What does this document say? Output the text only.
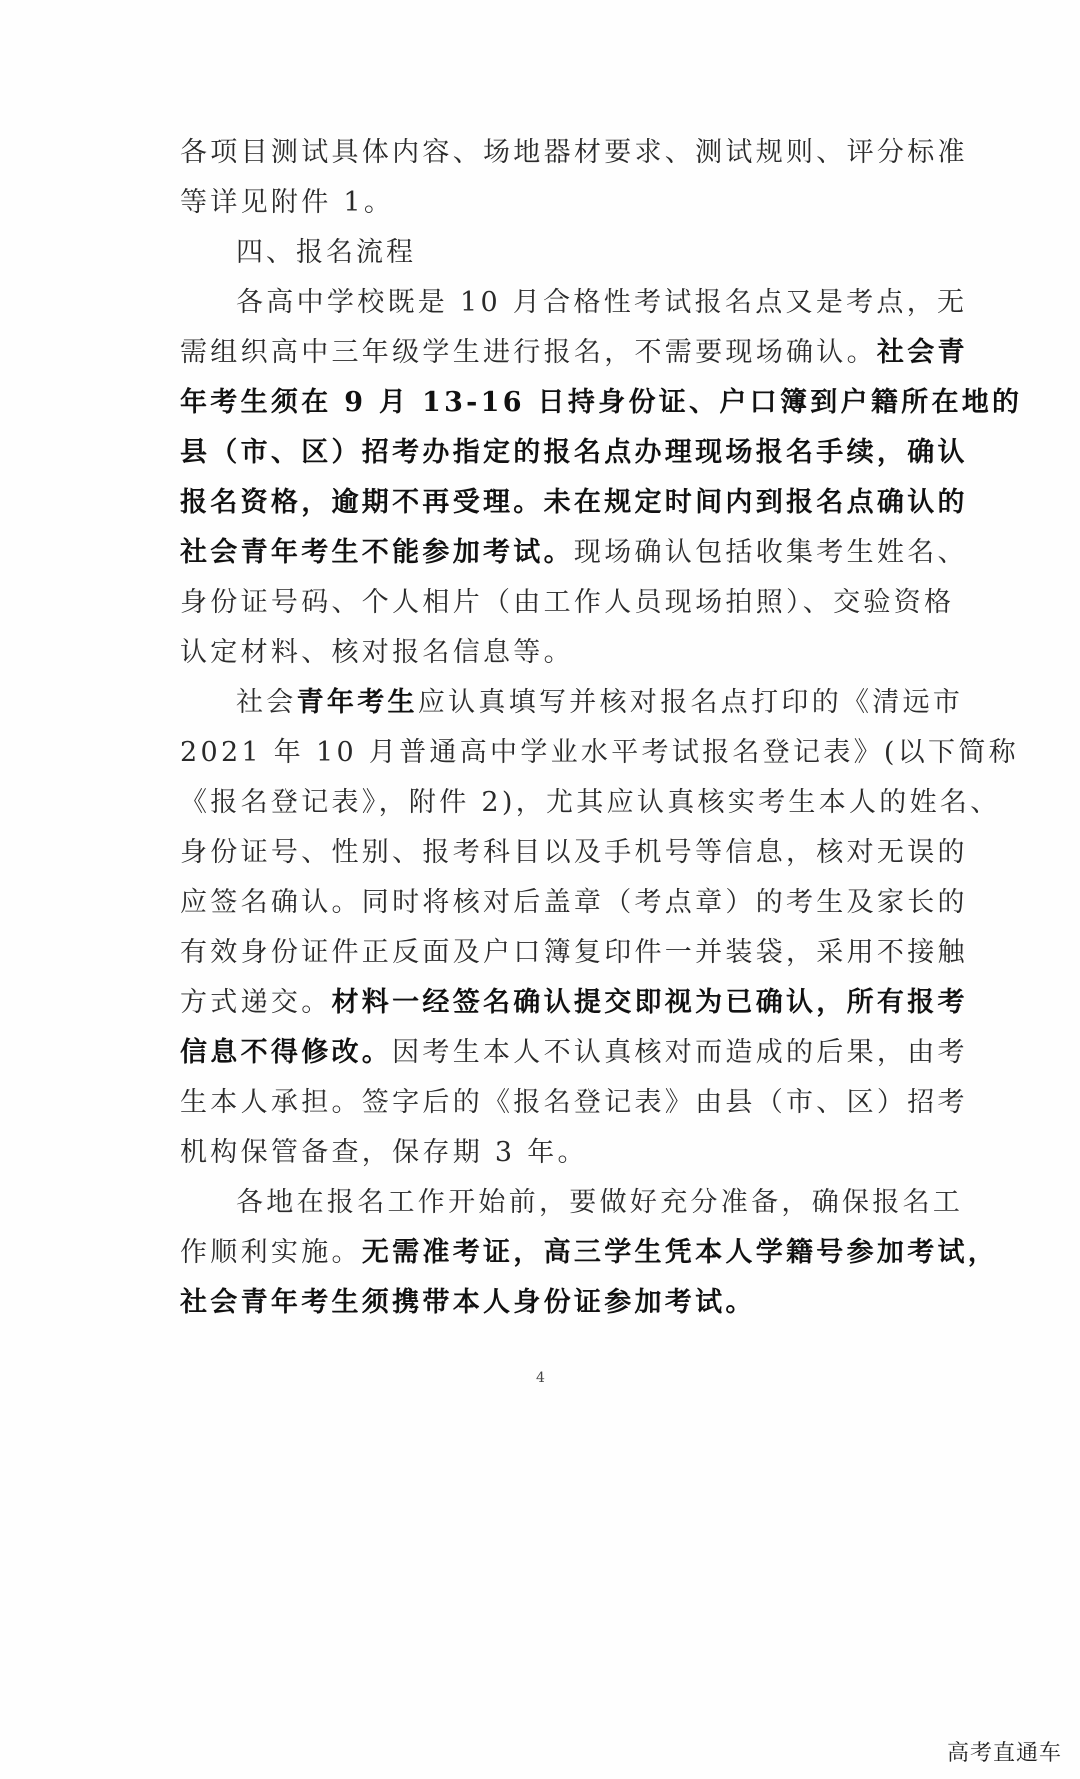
各项目测试具体内容、场地器材要求、测试规则、评分标准
等详见附件 1。
四、报名流程
各高中学校既是 10 月合格性考试报名点又是考点，无
需组织高中三年级学生进行报名，不需要现场确认。社会青
年考生须在 9 月 13-16 日持身份证、户口簿到户籍所在地的
县（市、区）招考办指定的报名点办理现场报名手续，确认
报名资格，逾期不再受理。未在规定时间内到报名点确认的
社会青年考生不能参加考试。现场确认包括收集考生姓名、
身份证号码、个人相片（由工作人员现场拍照）、交验资格
认定材料、核对报名信息等。
社会青年考生应认真填写并核对报名点打印的《清远市
2021 年 10 月普通高中学业水平考试报名登记表》(以下简称
《报名登记表》，附件 2)，尤其应认真核实考生本人的姓名、
身份证号、性别、报考科目以及手机号等信息，核对无误的
应签名确认。同时将核对后盖章（考点章）的考生及家长的
有效身份证件正反面及户口簿复印件一并装袋，采用不接触
方式递交。材料一经签名确认提交即视为已确认，所有报考
信息不得修改。因考生本人不认真核对而造成的后果，由考
生本人承担。签字后的《报名登记表》由县（市、区）招考
机构保管备查，保存期 3 年。
各地在报名工作开始前，要做好充分准备，确保报名工
作顺利实施。无需准考证，高三学生凭本人学籍号参加考试，
社会青年考生须携带本人身份证参加考试。
4
高考直通车
